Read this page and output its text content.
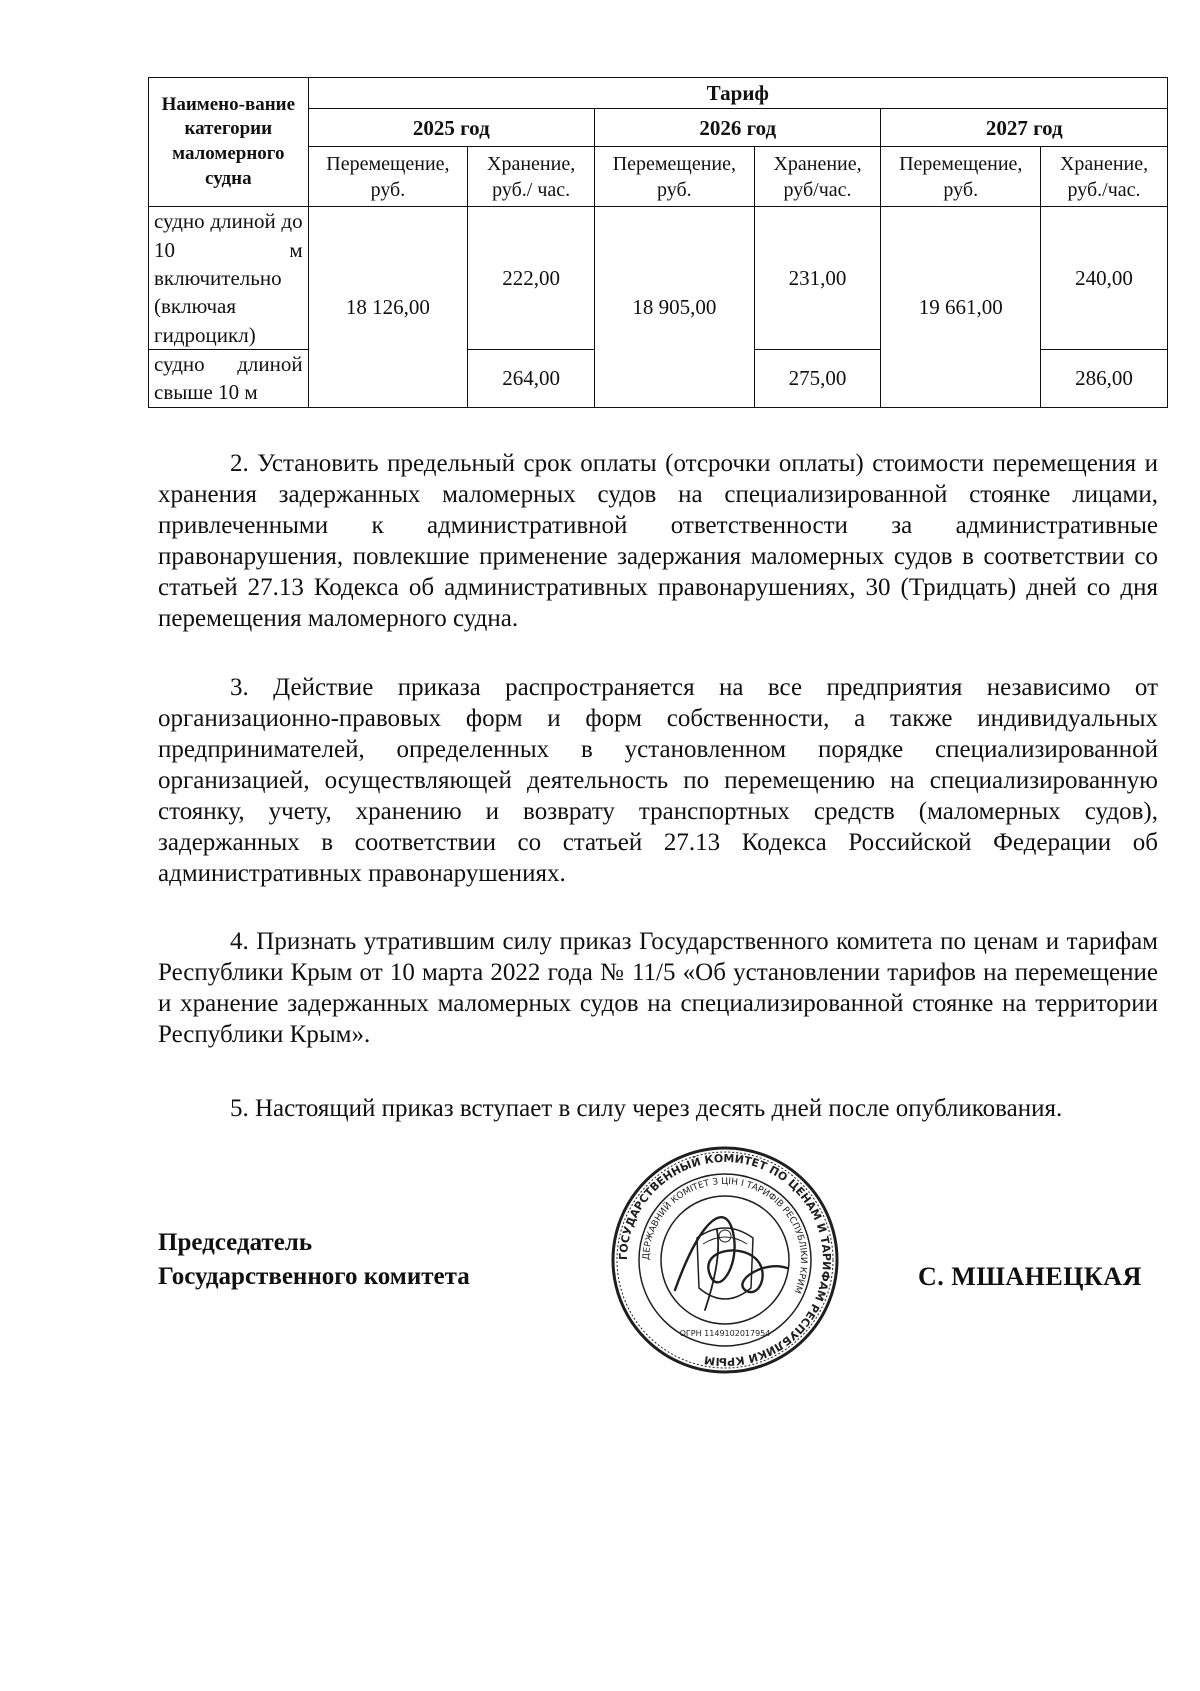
Наимено-вание категории маломерного судна	Тариф					
	2025 год		2026 год		2027 год	
	Перемещение, руб.	Хранение, руб./ час.	Перемещение, руб.	Хранение, руб/час.	Перемещение, руб.	Хранение, руб./час.
судно длиной до 10 м включительно (включая гидроцикл)	18 126,00	222,00	18 905,00	231,00	19 661,00	240,00
судно длиной свыше 10 м		264,00		275,00		286,00

2. Установить предельный срок оплаты (отсрочки оплаты) стоимости перемещения и хранения задержанных маломерных судов на специализированной стоянке лицами, привлеченными к административной ответственности за административные правонарушения, повлекшие применение задержания маломерных судов в соответствии со статьей 27.13 Кодекса об административных правонарушениях, 30 (Тридцать) дней со дня перемещения маломерного судна.

3. Действие приказа распространяется на все предприятия независимо от организационно-правовых форм и форм собственности, а также индивидуальных предпринимателей, определенных в установленном порядке специализированной организацией, осуществляющей деятельность по перемещению на специализированную стоянку, учету, хранению и возврату транспортных средств (маломерных судов), задержанных в соответствии со статьей 27.13 Кодекса Российской Федерации об административных правонарушениях.

4. Признать утратившим силу приказ Государственного комитета по ценам и тарифам Республики Крым от 10 марта 2022 года № 11/5 «Об установлении тарифов на перемещение и хранение задержанных маломерных судов на специализированной стоянке на территории Республики Крым».

5. Настоящий приказ вступает в силу через десять дней после опубликования.

Председатель
Государственного комитета
ГОСУДАРСТВЕННЫЙ КОМИТЕТ ПО ЦЕНАМ И ТАРИФАМ РЕСПУБЛИКИ КРЫМ
ДЕРЖАВНИЙ КОМІТЕТ З ЦІН І ТАРИФІВ РЕСПУБЛІКИ КРИМ
ОГРН 1149102017954
С. МШАНЕЦКАЯ
